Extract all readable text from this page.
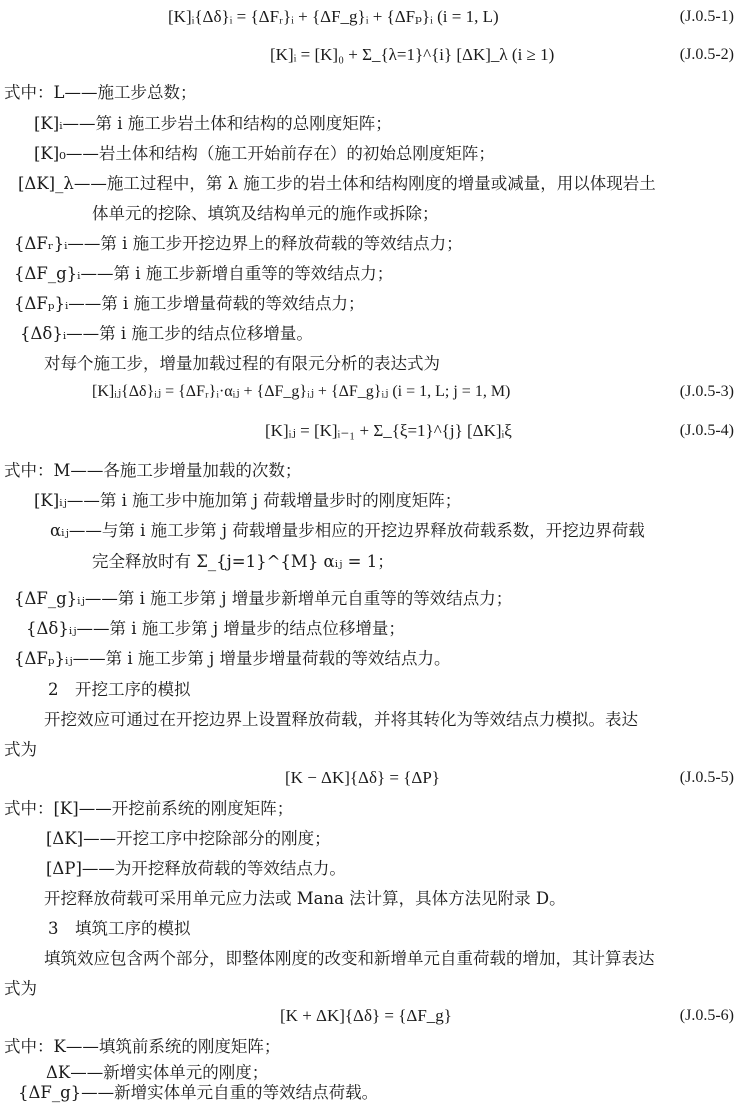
[K]ᵢ{Δδ}ᵢ = {ΔFᵣ}ᵢ + {ΔF_g}ᵢ + {ΔFₚ}ᵢ (i = 1, L)	(J.0.5-1)
[K]ᵢ = [K]₀ + Σ_{λ=1}^{i} [ΔK]_λ (i ≥ 1)	(J.0.5-2)
式中：L——施工步总数；
[K]ᵢ——第 i 施工步岩土体和结构的总刚度矩阵；
[K]₀——岩土体和结构（施工开始前存在）的初始总刚度矩阵；
[ΔK]_λ——施工过程中，第 λ 施工步的岩土体和结构刚度的增量或减量，用以体现岩土
体单元的挖除、填筑及结构单元的施作或拆除；
{ΔFᵣ}ᵢ——第 i 施工步开挖边界上的释放荷载的等效结点力；
{ΔF_g}ᵢ——第 i 施工步新增自重等的等效结点力；
{ΔFₚ}ᵢ——第 i 施工步增量荷载的等效结点力；
{Δδ}ᵢ——第 i 施工步的结点位移增量。
对每个施工步，增量加载过程的有限元分析的表达式为
[K]ᵢⱼ{Δδ}ᵢⱼ = {ΔFᵣ}ᵢ·αᵢⱼ + {ΔF_g}ᵢⱼ + {ΔF_g}ᵢⱼ (i = 1, L; j = 1, M)	(J.0.5-3)
[K]ᵢⱼ = [K]ᵢ₋₁ + Σ_{ξ=1}^{j} [ΔK]ᵢξ	(J.0.5-4)
式中：M——各施工步增量加载的次数；
[K]ᵢⱼ——第 i 施工步中施加第 j 荷载增量步时的刚度矩阵；
αᵢⱼ——与第 i 施工步第 j 荷载增量步相应的开挖边界释放荷载系数，开挖边界荷载
完全释放时有 Σ_{j=1}^{M} αᵢⱼ = 1；
{ΔF_g}ᵢⱼ——第 i 施工步第 j 增量步新增单元自重等的等效结点力；
{Δδ}ᵢⱼ——第 i 施工步第 j 增量步的结点位移增量；
{ΔFₚ}ᵢⱼ——第 i 施工步第 j 增量步增量荷载的等效结点力。
2　开挖工序的模拟
开挖效应可通过在开挖边界上设置释放荷载，并将其转化为等效结点力模拟。表达
式为
[K − ΔK]{Δδ} = {ΔP}	(J.0.5-5)
式中：[K]——开挖前系统的刚度矩阵；
[ΔK]——开挖工序中挖除部分的刚度；
[ΔP]——为开挖释放荷载的等效结点力。
开挖释放荷载可采用单元应力法或 Mana 法计算，具体方法见附录 D。
3　填筑工序的模拟
填筑效应包含两个部分，即整体刚度的改变和新增单元自重荷载的增加，其计算表达
式为
[K + ΔK]{Δδ} = {ΔF_g}	(J.0.5-6)
式中：K——填筑前系统的刚度矩阵；
ΔK——新增实体单元的刚度；
{ΔF_g}——新增实体单元自重的等效结点荷载。
